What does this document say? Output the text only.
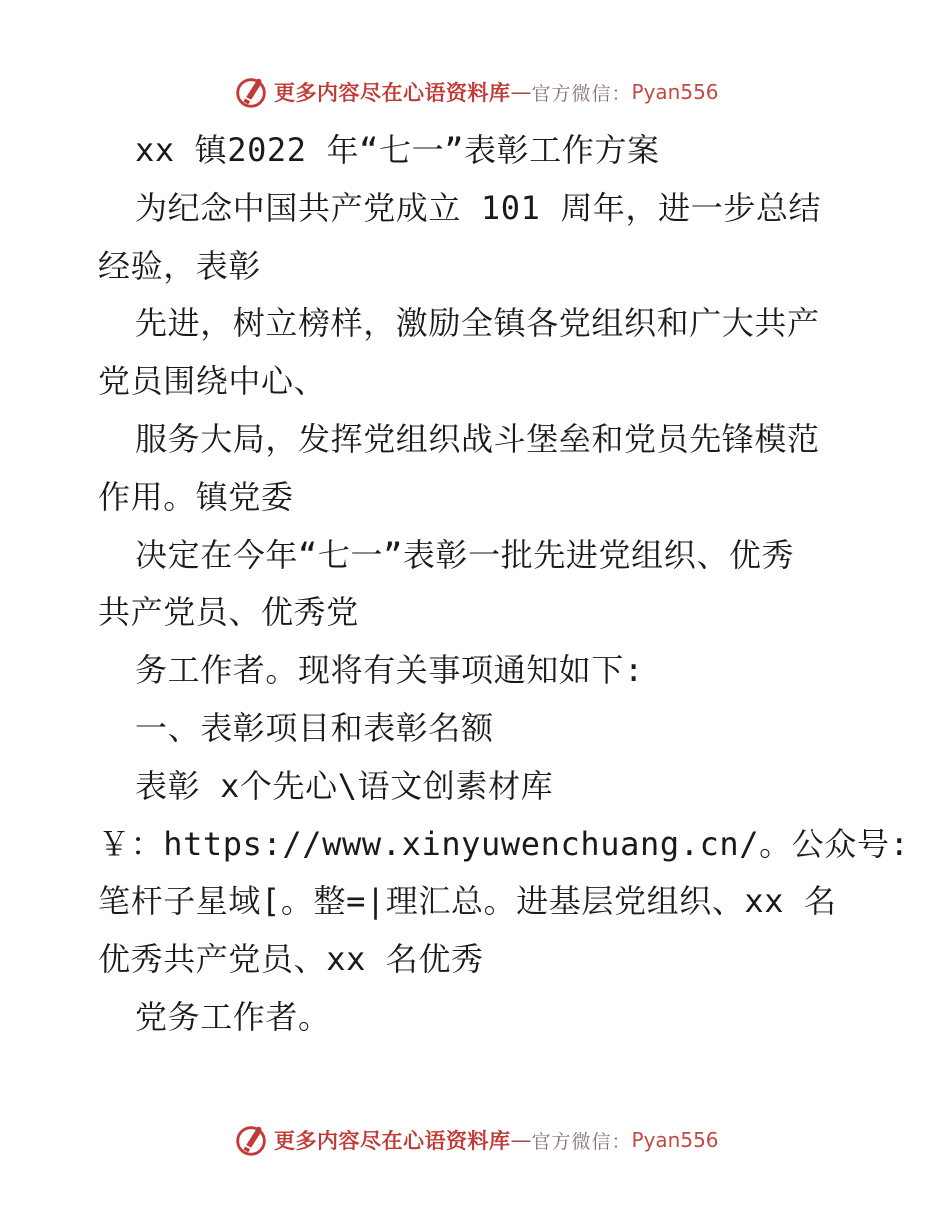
更多内容尽在心语资料库 — 官方微信： Pyan556
xx 镇2022 年“七一”表彰工作方案
为纪念中国共产党成立 101 周年，进一步总结
经验，表彰
先进，树立榜样，激励全镇各党组织和广大共产
党员围绕中心、
服务大局，发挥党组织战斗堡垒和党员先锋模范
作用。镇党委
决定在今年“七一”表彰一批先进党组织、优秀
共产党员、优秀党
务工作者。现将有关事项通知如下:
一、表彰项目和表彰名额
表彰 x个先心\语文创素材库
￥：https://www.xinyuwenchuang.cn/。公众号:
笔杆子星域[。整=|理汇总。进基层党组织、xx 名
优秀共产党员、xx 名优秀
党务工作者。
更多内容尽在心语资料库 — 官方微信： Pyan556
